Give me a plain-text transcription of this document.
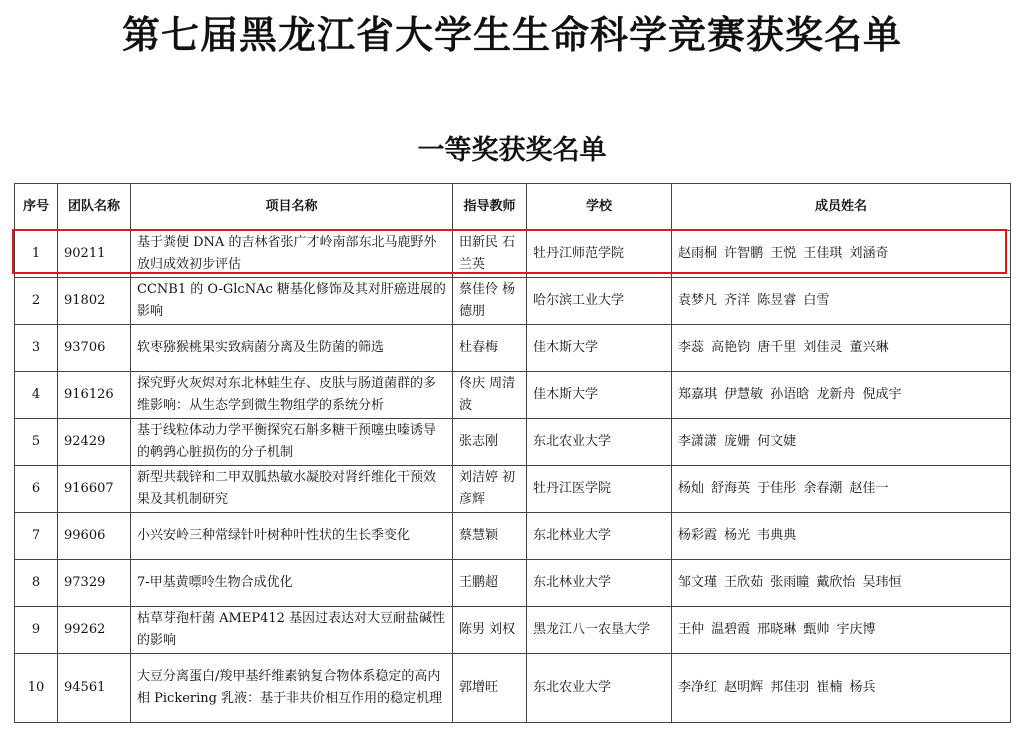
第七届黑龙江省大学生生命科学竞赛获奖名单
一等奖获奖名单
序号	团队名称	项目名称	指导教师	学校	成员姓名
1	90211	基于粪便 DNA 的吉林省张广才岭南部东北马鹿野外放归成效初步评估	田新民 石兰英	牡丹江师范学院	赵雨桐 许智鹏 王悦 王佳琪 刘涵奇
2	91802	CCNB1 的 O-GlcNAc 糖基化修饰及其对肝癌进展的影响	蔡佳伶 杨德朋	哈尔滨工业大学	袁梦凡 齐洋 陈昱睿 白雪
3	93706	软枣猕猴桃果实致病菌分离及生防菌的筛选	杜春梅	佳木斯大学	李蕊 高艳钧 唐千里 刘佳灵 董兴琳
4	916126	探究野火灰烬对东北林蛙生存、皮肤与肠道菌群的多维影响：从生态学到微生物组学的系统分析	佟庆 周清波	佳木斯大学	郑嘉琪 伊慧敏 孙语晗 龙新舟 倪成宇
5	92429	基于线粒体动力学平衡探究石斛多糖干预噻虫嗪诱导的鹌鹑心脏损伤的分子机制	张志刚	东北农业大学	李潇潇 庞姗 何文婕
6	916607	新型共载锌和二甲双胍热敏水凝胶对肾纤维化干预效果及其机制研究	刘洁婷 初彦辉	牡丹江医学院	杨灿 舒海英 于佳彤 余春潮 赵佳一
7	99606	小兴安岭三种常绿针叶树种叶性状的生长季变化	蔡慧颖	东北林业大学	杨彩霞 杨光 韦典典
8	97329	7-甲基黄嘌呤生物合成优化	王鹏超	东北林业大学	邹文瑾 王欣茹 张雨瞳 戴欣怡 吴玮恒
9	99262	枯草芽孢杆菌 AMEP412 基因过表达对大豆耐盐碱性的影响	陈男 刘权	黑龙江八一农垦大学	王仲 温碧霞 邢晓琳 甄帅 宇庆博
10	94561	大豆分离蛋白/羧甲基纤维素钠复合物体系稳定的高内相 Pickering 乳液：基于非共价相互作用的稳定机理	郭增旺	东北农业大学	李净红 赵明辉 邦佳羽 崔楠 杨兵
